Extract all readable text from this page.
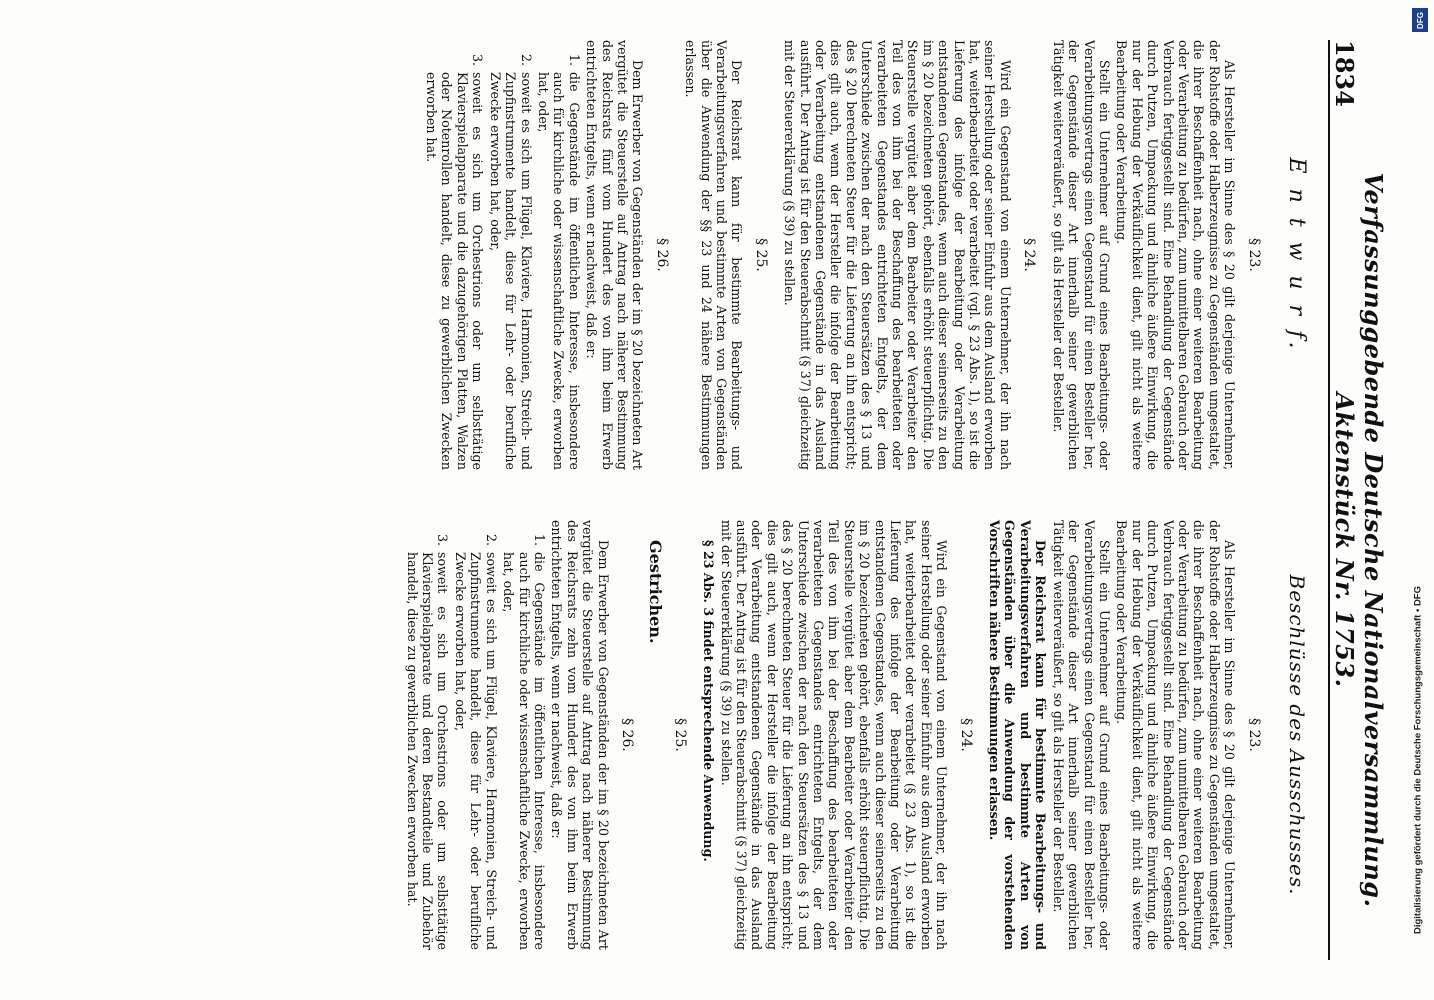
1834
Verfassunggebende Deutsche Nationalversammlung. Aktenstück Nr. 1753.
E n t w u r f.
§ 23.

Als Hersteller im Sinne des § 20 gilt derjenige Unternehmer, der Rohstoffe oder Halberzeugnisse zu Gegenständen umgestaltet, die ihrer Beschaffenheit nach, ohne einer weiteren Bearbeitung oder Verarbeitung zu bedürfen, zum unmittelbaren Gebrauch oder Verbrauch fertiggestellt sind. Eine Behandlung der Gegenstände durch Putzen, Umpackung und ähnliche äußere Einwirkung, die nur der Hebung der Verkäuflichkeit dient, gilt nicht als weitere Bearbeitung oder Verarbeitung.

Stellt ein Unternehmer auf Grund eines Bearbeitungs- oder Verarbeitungsvertrags einen Gegenstand für einen Besteller her, der Gegenstände dieser Art innerhalb seiner gewerblichen Tätigkeit weiterveräußert, so gilt als Hersteller der Besteller.

§ 24.

Wird ein Gegenstand von einem Unternehmer, der ihn nach seiner Herstellung oder seiner Einfuhr aus dem Ausland erworben hat, weiterbearbeitet oder verarbeitet (vgl. § 23 Abs. 1), so ist die Lieferung des infolge der Bearbeitung oder Verarbeitung entstandenen Gegenstandes, wenn auch dieser seinerseits zu den im § 20 bezeichneten gehört, ebenfalls erhöht steuerpflichtig. Die Steuerstelle vergütet aber dem Bearbeiter oder Verarbeiter den Teil des von ihm bei der Beschaffung des bearbeiteten oder verarbeiteten Gegenstandes entrichteten Entgelts, der dem Unterschiede zwischen der nach den Steuersätzen des § 13 und des § 20 berechneten Steuer für die Lieferung an ihn entspricht; dies gilt auch, wenn der Hersteller die infolge der Bearbeitung oder Verarbeitung entstandenen Gegenstände in das Ausland ausführt. Der Antrag ist für den Steuerabschnitt (§ 37) gleichzeitig mit der Steuererklärung (§ 39) zu stellen.

§ 25.

Der Reichsrat kann für bestimmte Bearbeitungs- und Verarbeitungsverfahren und bestimmte Arten von Gegenständen über die Anwendung der §§ 23 und 24 nähere Bestimmungen erlassen.

§ 26.

Dem Erwerber von Gegenständen der im § 20 bezeichneten Art vergütet die Steuerstelle auf Antrag nach näherer Bestimmung des Reichsrats fünf vom Hundert des von ihm beim Erwerb entrichteten Entgelts, wenn er nachweist, daß er:

1.
die Gegenstände im öffentlichen Interesse, insbesondere auch für kirchliche oder wissenschaftliche Zwecke, erworben hat, oder,
2.
soweit es sich um Flügel, Klaviere, Harmonien, Streich- und Zupfinstrumente handelt, diese für Lehr- oder berufliche Zwecke erworben hat, oder,
3.
soweit es sich um Orchestrions oder um selbsttätige Klavierspielapparate und die dazugehörigen Platten, Walzen oder Notenrollen handelt, diese zu gewerblichen Zwecken erworben hat.
Beschlüsse des Ausschusses.
§ 23.

Als Hersteller im Sinne des § 20 gilt derjenige Unternehmer, der Rohstoffe oder Halberzeugnisse zu Gegenständen umgestaltet, die ihrer Beschaffenheit nach, ohne einer weiteren Bearbeitung oder Verarbeitung zu bedürfen, zum unmittelbaren Gebrauch oder Verbrauch fertiggestellt sind. Eine Behandlung der Gegenstände durch Putzen, Umpackung und ähnliche äußere Einwirkung, die nur der Hebung der Verkäuflichkeit dient, gilt nicht als weitere Bearbeitung oder Verarbeitung.

Stellt ein Unternehmer auf Grund eines Bearbeitungs- oder Verarbeitungsvertrags einen Gegenstand für einen Besteller her, der Gegenstände dieser Art innerhalb seiner gewerblichen Tätigkeit weiterveräußert, so gilt als Hersteller der Besteller.

Der Reichsrat kann für bestimmte Bearbeitungs- und Verarbeitungsverfahren und bestimmte Arten von Gegenständen über die Anwendung der vorstehenden Vorschriften nähere Bestimmungen erlassen.

§ 24.

Wird ein Gegenstand von einem Unternehmer, der ihn nach seiner Herstellung oder seiner Einfuhr aus dem Ausland erworben hat, weiterbearbeitet oder verarbeitet (§ 23 Abs. 1), so ist die Lieferung des infolge der Bearbeitung oder Verarbeitung entstandenen Gegenstandes, wenn auch dieser seinerseits zu den im § 20 bezeichneten gehört, ebenfalls erhöht steuerpflichtig. Die Steuerstelle vergütet aber dem Bearbeiter oder Verarbeiter den Teil des von ihm bei der Beschaffung des bearbeiteten oder verarbeiteten Gegenstandes entrichteten Entgelts, der dem Unterschiede zwischen der nach den Steuersätzen des § 13 und des § 20 berechneten Steuer für die Lieferung an ihn entspricht; dies gilt auch, wenn der Hersteller die infolge der Bearbeitung oder Verarbeitung entstandenen Gegenstände in das Ausland ausführt. Der Antrag ist für den Steuerabschnitt (§ 37) gleichzeitig mit der Steuererklärung (§ 39) zu stellen.

§ 23 Abs. 3 findet entsprechende Anwendung.

§ 25.

Gestrichen.

§ 26.

Dem Erwerber von Gegenständen der im § 20 bezeichneten Art vergütet die Steuerstelle auf Antrag nach näherer Bestimmung des Reichsrats zehn vom Hundert des von ihm beim Erwerb entrichteten Entgelts, wenn er nachweist, daß er:

1.
die Gegenstände im öffentlichen Interesse, insbesondere auch für kirchliche oder wissenschaftliche Zwecke, erworben hat, oder,
2.
soweit es sich um Flügel, Klaviere, Harmonien, Streich- und Zupfinstrumente handelt, diese für Lehr- oder berufliche Zwecke erworben hat, oder,
3.
soweit es sich um Orchestrions oder um selbsttätige Klavierspielapparate und deren Bestandteile und Zubehör handelt, diese zu gewerblichen Zwecken erworben hat.
DFG
Digitalisierung gefördert durch die Deutsche Forschungsgemeinschaft • DFG
